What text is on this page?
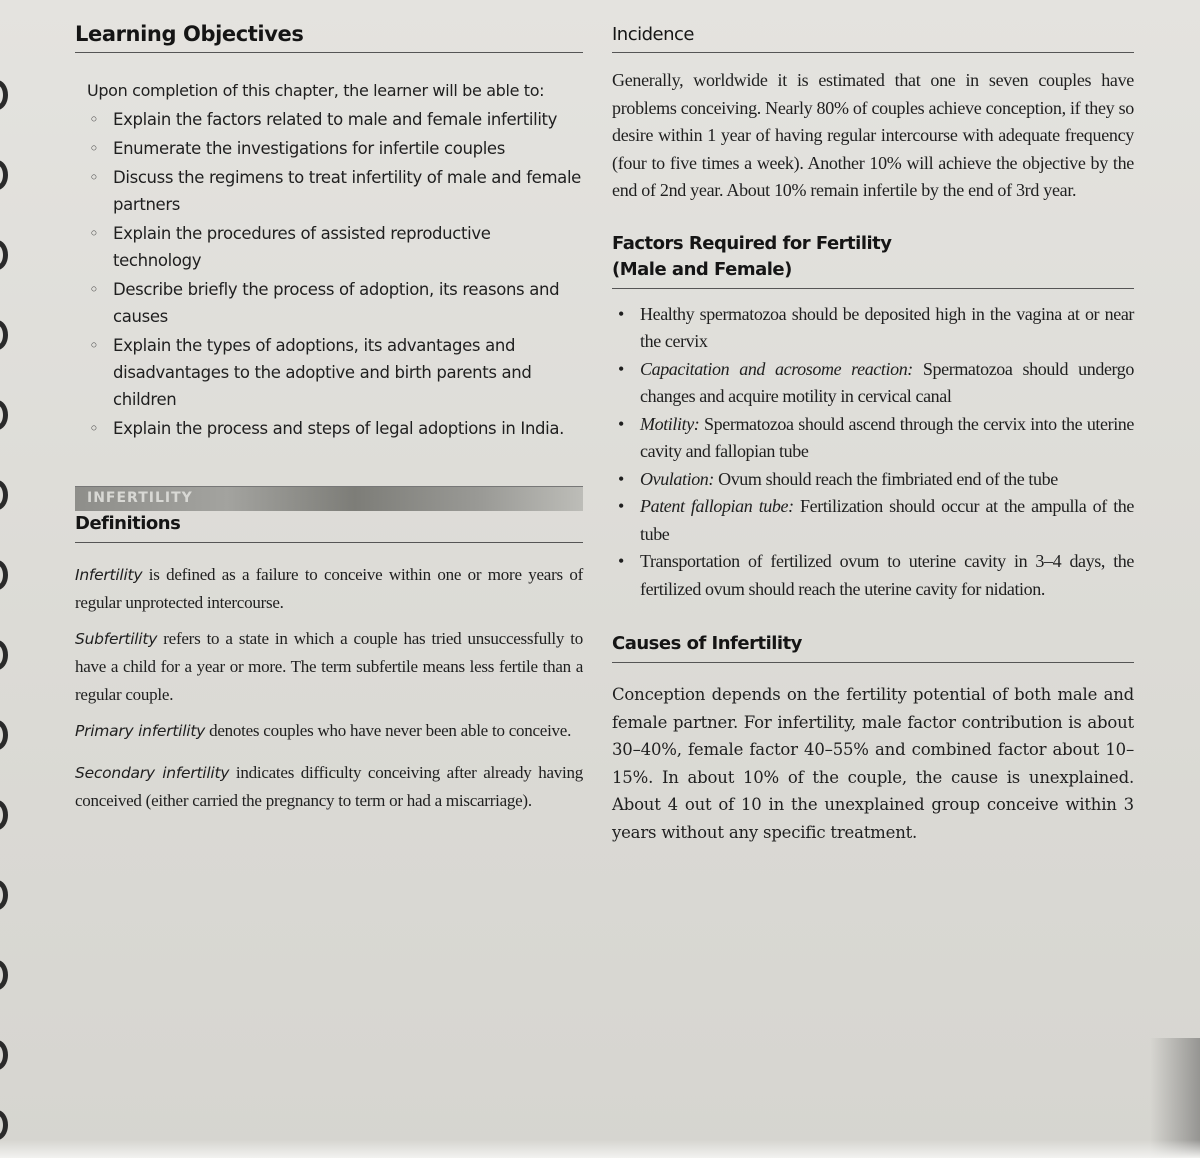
Learning Objectives
Upon completion of this chapter, the learner will be able to:
◦ Explain the factors related to male and female infertility
◦ Enumerate the investigations for infertile couples
◦ Discuss the regimens to treat infertility of male and female partners
◦ Explain the procedures of assisted reproductive technology
◦ Describe briefly the process of adoption, its reasons and causes
◦ Explain the types of adoptions, its advantages and disadvantages to the adoptive and birth parents and children
◦ Explain the process and steps of legal adoptions in India.
INFERTILITY
Definitions

Infertility is defined as a failure to conceive within one or more years of regular unprotected intercourse.

Subfertility refers to a state in which a couple has tried unsuccessfully to have a child for a year or more. The term subfertile means less fertile than a regular couple.

Primary infertility denotes couples who have never been able to conceive.

Secondary infertility indicates difficulty conceiving after already having conceived (either carried the pregnancy to term or had a miscarriage).

Incidence

Generally, worldwide it is estimated that one in seven couples have problems conceiving. Nearly 80% of couples achieve conception, if they so desire within 1 year of having regular intercourse with adequate frequency (four to five times a week). Another 10% will achieve the objective by the end of 2nd year. About 10% remain infertile by the end of 3rd year.

Factors Required for Fertility
(Male and Female)
• Healthy spermatozoa should be deposited high in the vagina at or near the cervix
• Capacitation and acrosome reaction: Spermatozoa should undergo changes and acquire motility in cervical canal
• Motility: Spermatozoa should ascend through the cervix into the uterine cavity and fallopian tube
• Ovulation: Ovum should reach the fimbriated end of the tube
• Patent fallopian tube: Fertilization should occur at the ampulla of the tube
• Transportation of fertilized ovum to uterine cavity in 3–4 days, the fertilized ovum should reach the uterine cavity for nidation.
Causes of Infertility

Conception depends on the fertility potential of both male and female partner. For infertility, male factor contribution is about 30–40%, female factor 40–55% and combined factor about 10–15%. In about 10% of the couple, the cause is unexplained. About 4 out of 10 in the unexplained group conceive within 3 years without any specific treatment.
